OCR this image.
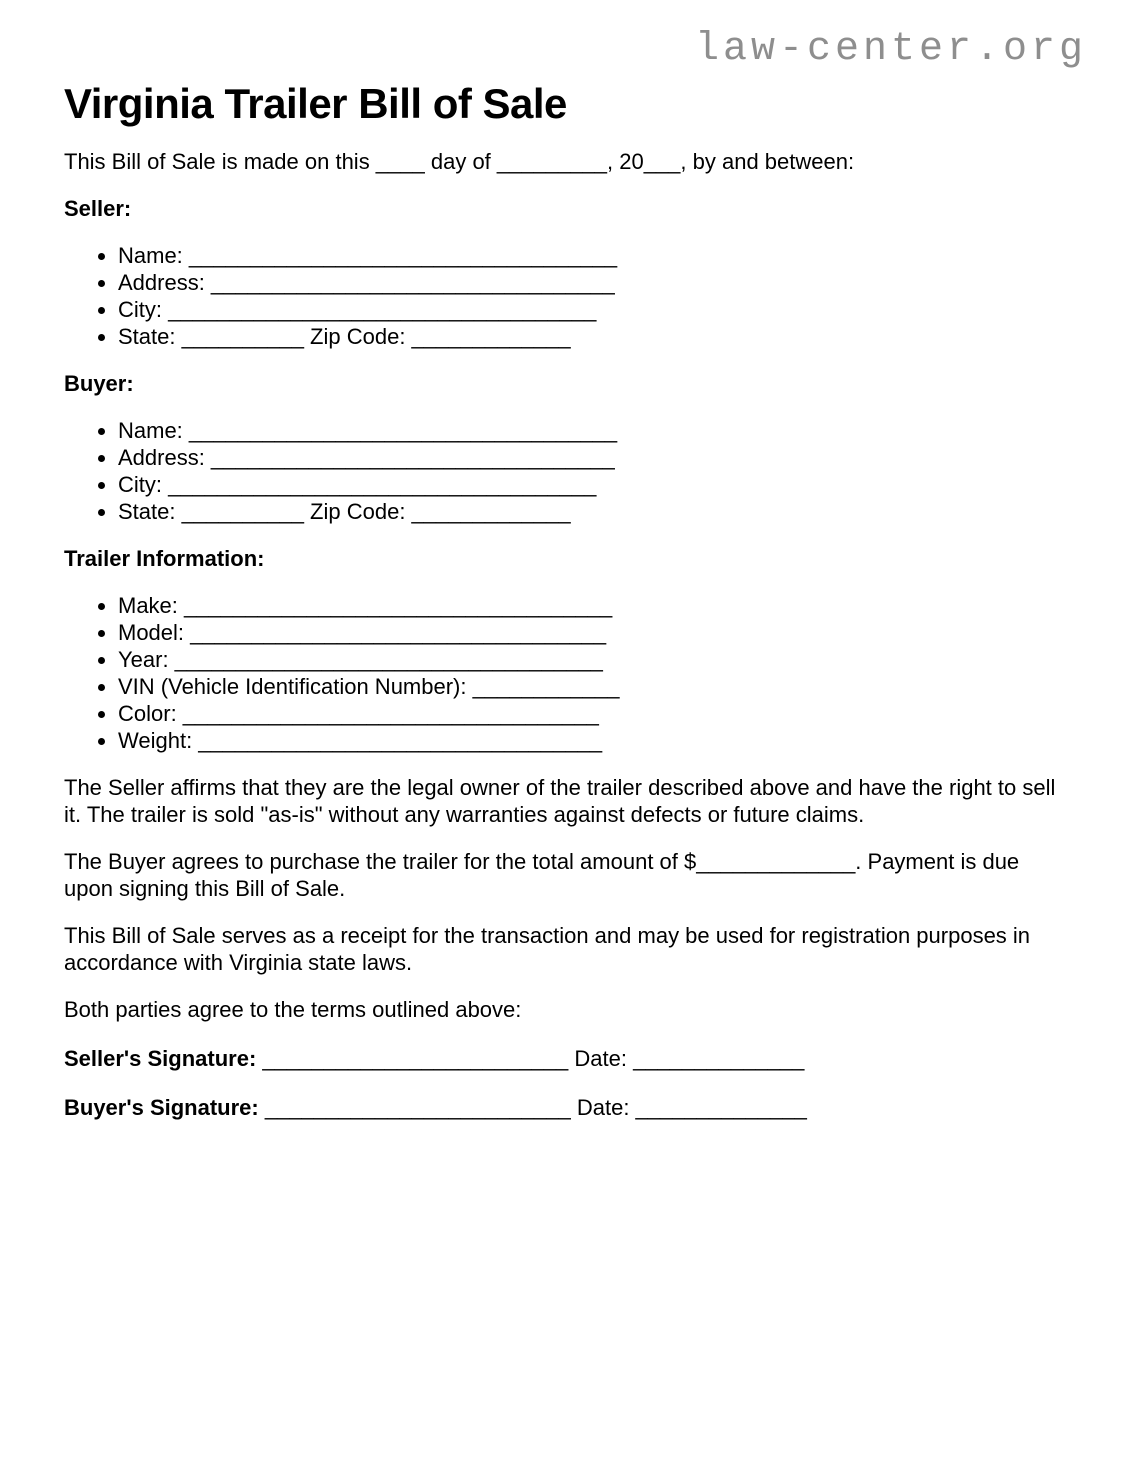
law-center.org
Virginia Trailer Bill of Sale

This Bill of Sale is made on this ____ day of _________, 20___, by and between:

Seller:
• Name: ___________________________________
• Address: _________________________________
• City: ___________________________________
• State: __________ Zip Code: _____________
Buyer:
• Name: ___________________________________
• Address: _________________________________
• City: ___________________________________
• State: __________ Zip Code: _____________
Trailer Information:
• Make: ___________________________________
• Model: __________________________________
• Year: ___________________________________
• VIN (Vehicle Identification Number): ____________
• Color: __________________________________
• Weight: _________________________________

The Seller affirms that they are the legal owner of the trailer described above and have the right to sell it. The trailer is sold "as-is" without any warranties against defects or future claims.

The Buyer agrees to purchase the trailer for the total amount of $_____________. Payment is due upon signing this Bill of Sale.

This Bill of Sale serves as a receipt for the transaction and may be used for registration purposes in accordance with Virginia state laws.

Both parties agree to the terms outlined above:

Seller's Signature: _________________________ Date: ______________

Buyer's Signature: _________________________ Date: ______________
